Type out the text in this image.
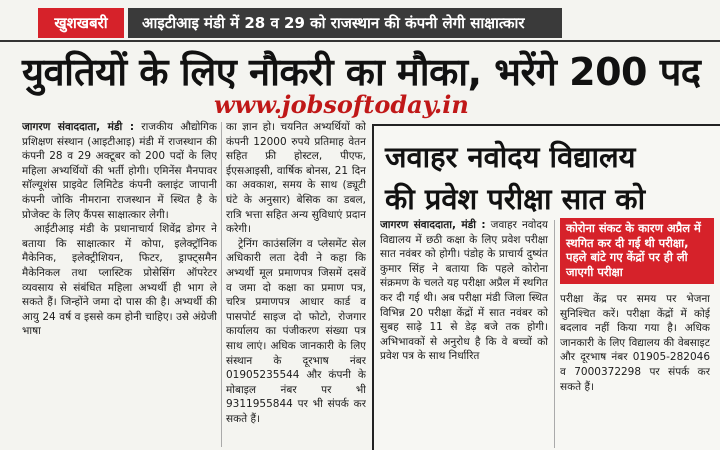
खुशखबरी	आइटीआइ मंडी में 28 व 29 को राजस्थान की कंपनी लेगी साक्षात्कार
युवतियों के लिए नौकरी का मौका, भरेंगे 200 पद
www.jobsoftoday.in

जागरण संवाददाता, मंडी : राजकीय औद्योगिक प्रशिक्षण संस्थान (आइटीआइ) मंडी में राजस्थान की कंपनी 28 व 29 अक्टूबर को 200 पदों के लिए महिला अभ्यर्थियों की भर्ती होगी। एमिनेंस मैनपावर सॉल्यूशंस प्राइवेट लिमिटेड कंपनी क्लाइंट जापानी कंपनी जोकि नीमराना राजस्थान में स्थित है के प्रोजेक्ट के लिए कैंपस साक्षात्कार लेगी।

आईटीआइ मंडी के प्रधानाचार्य शिवेंद्र डोगर ने बताया कि साक्षात्कार में कोपा, इलेक्ट्रॉनिक मैकेनिक, इलेक्ट्रीशियन, फिटर, ड्राफ्ट्समैन मैकेनिकल तथा प्लास्टिक प्रोसेसिंग ऑपरेटर व्यवसाय से संबंधित महिला अभ्यर्थी ही भाग ले सकते हैं। जिन्होंने जमा दो पास की है। अभ्यर्थी की आयु 24 वर्ष व इससे कम होनी चाहिए। उसे अंग्रेजी भाषा

का ज्ञान हो। चयनित अभ्यर्थियों को कंपनी 12000 रुपये प्रतिमाह वेतन सहित फ्री होस्टल, पीएफ, ईएसआइसी, वार्षिक बोनस, 21 दिन का अवकाश, समय के साथ (ड्यूटी घंटे के अनुसार) बेसिक का डबल, रात्रि भत्ता सहित अन्य सुविधाएं प्रदान करेगी।

ट्रेनिंग काउंसलिंग व प्लेसमेंट सेल अधिकारी लता देवी ने कहा कि अभ्यर्थी मूल प्रमाणपत्र जिसमें दसवें व जमा दो कक्षा का प्रमाण पत्र, चरित्र प्रमाणपत्र आधार कार्ड व पासपोर्ट साइज दो फोटो, रोजगार कार्यालय का पंजीकरण संख्या पत्र साथ लाएं। अधिक जानकारी के लिए संस्थान के दूरभाष नंबर 01905235544 और कंपनी के मोबाइल नंबर पर भी 9311955844 पर भी संपर्क कर सकते हैं।

जवाहर नवोदय विद्यालय
की प्रवेश परीक्षा सात को

जागरण संवाददाता, मंडी : जवाहर नवोदय विद्यालय में छठी कक्षा के लिए प्रवेश परीक्षा सात नवंबर को होगी। पंडोह के प्राचार्य दुष्यंत कुमार सिंह ने बताया कि पहले कोरोना संक्रमण के चलते यह परीक्षा अप्रैल में स्थगित कर दी गई थी। अब परीक्षा मंडी जिला स्थित विभिन्न 20 परीक्षा केंद्रों में सात नवंबर को सुबह साढ़े 11 से डेढ़ बजे तक होगी। अभिभावकों से अनुरोध है कि वे बच्चों को प्रवेश पत्र के साथ निर्धारित

कोरोना संकट के कारण अप्रैल में स्थगित कर दी गई थी परीक्षा, पहले बांटे गए केंद्रों पर ही ली जाएगी परीक्षा

परीक्षा केंद्र पर समय पर भेजना सुनिश्चित करें। परीक्षा केंद्रों में कोई बदलाव नहीं किया गया है। अधिक जानकारी के लिए विद्यालय की वेबसाइट और दूरभाष नंबर 01905-282046 व 7000372298 पर संपर्क कर सकते हैं।
